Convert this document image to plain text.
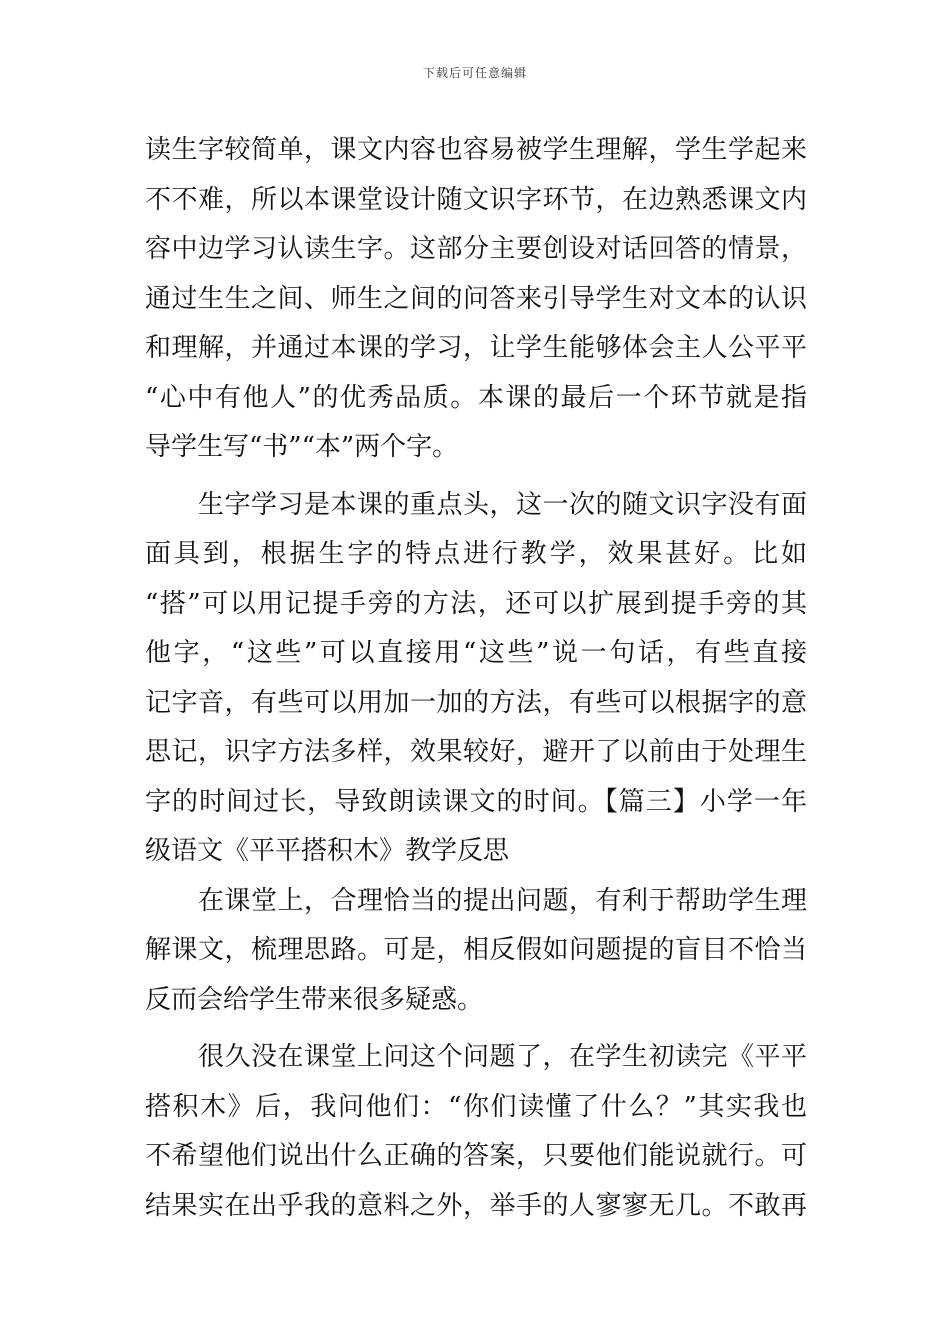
下载后可任意编辑
读生字较简单，课文内容也容易被学生理解，学生学起来
不不难，所以本课堂设计随文识字环节，在边熟悉课文内
容中边学习认读生字。这部分主要创设对话回答的情景，
通过生生之间、师生之间的问答来引导学生对文本的认识
和理解，并通过本课的学习，让学生能够体会主人公平平
“心中有他人”的优秀品质。本课的最后一个环节就是指
导学生写“书”“本”两个字。
　　生字学习是本课的重点头，这一次的随文识字没有面
面具到，根据生字的特点进行教学，效果甚好。比如
“搭”可以用记提手旁的方法，还可以扩展到提手旁的其
他字，“这些”可以直接用“这些”说一句话，有些直接
记字音，有些可以用加一加的方法，有些可以根据字的意
思记，识字方法多样，效果较好，避开了以前由于处理生
字的时间过长，导致朗读课文的时间。【篇三】小学一年
级语文《平平搭积木》教学反思
　　在课堂上，合理恰当的提出问题，有利于帮助学生理
解课文，梳理思路。可是，相反假如问题提的盲目不恰当
反而会给学生带来很多疑惑。
　　很久没在课堂上问这个问题了，在学生初读完《平平
搭积木》后，我问他们：“你们读懂了什么？”其实我也
不希望他们说出什么正确的答案，只要他们能说就行。可
结果实在出乎我的意料之外，举手的人寥寥无几。不敢再
